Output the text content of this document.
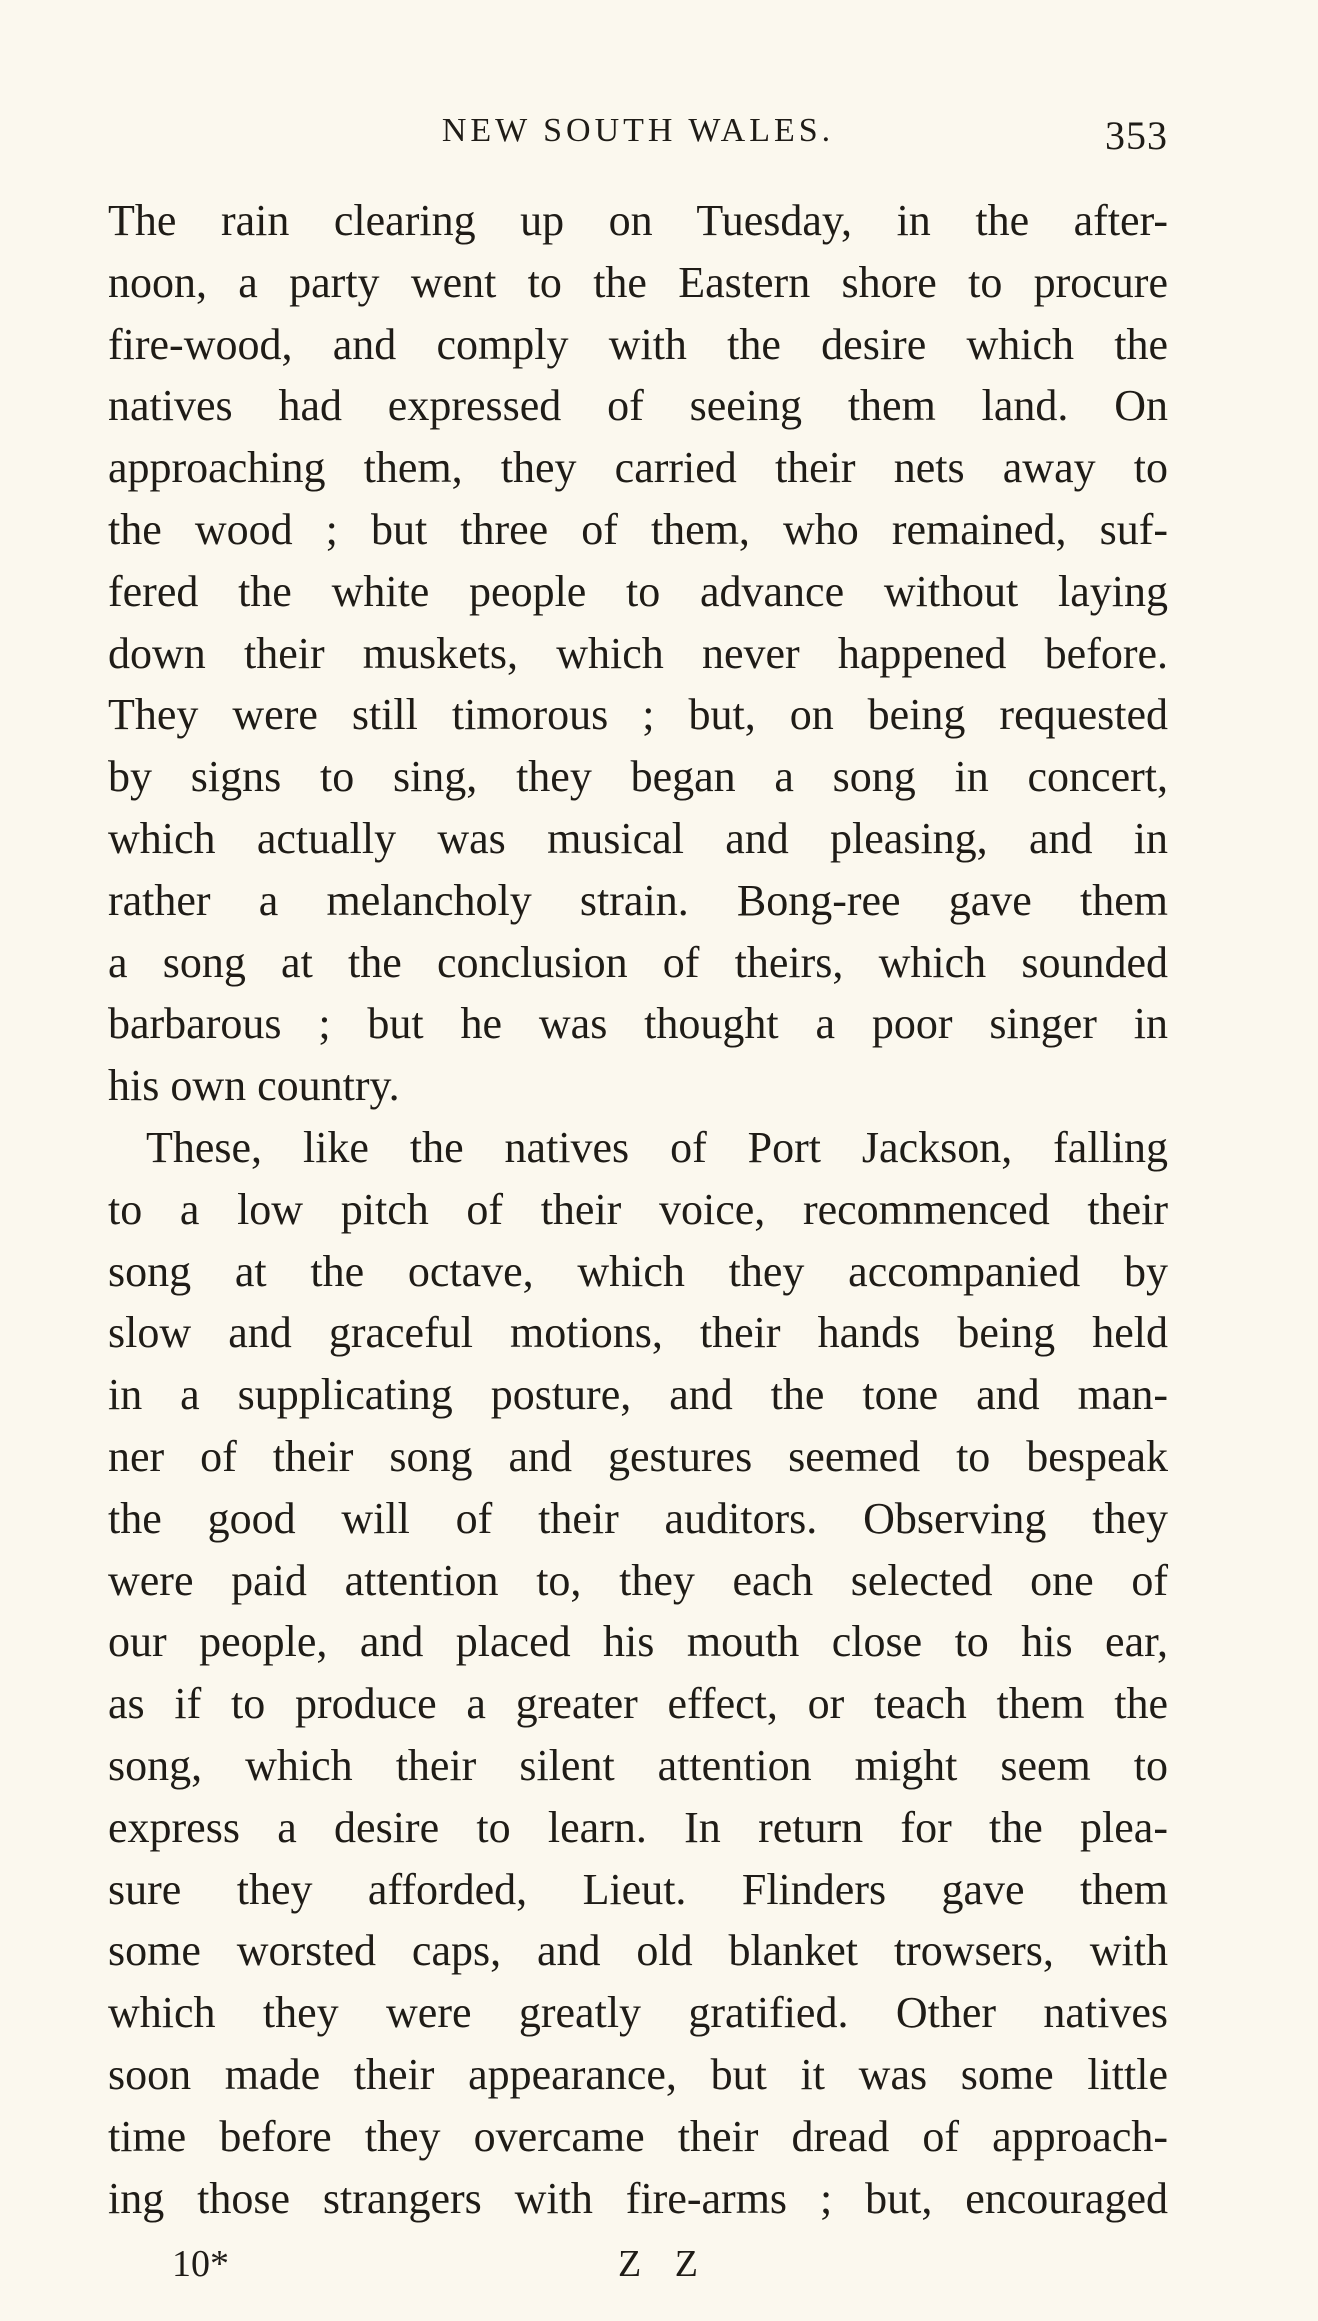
NEW SOUTH WALES.	353
The rain clearing up on Tuesday, in the after-
noon, a party went to the Eastern shore to procure
fire-wood, and comply with the desire which the
natives had expressed of seeing them land. On
approaching them, they carried their nets away to
the wood ; but three of them, who remained, suf-
fered the white people to advance without laying
down their muskets, which never happened before.
They were still timorous ; but, on being requested
by signs to sing, they began a song in concert,
which actually was musical and pleasing, and in
rather a melancholy strain. Bong-ree gave them
a song at the conclusion of theirs, which sounded
barbarous ; but he was thought a poor singer in
his own country.
These, like the natives of Port Jackson, falling
to a low pitch of their voice, recommenced their
song at the octave, which they accompanied by
slow and graceful motions, their hands being held
in a supplicating posture, and the tone and man-
ner of their song and gestures seemed to bespeak
the good will of their auditors. Observing they
were paid attention to, they each selected one of
our people, and placed his mouth close to his ear,
as if to produce a greater effect, or teach them the
song, which their silent attention might seem to
express a desire to learn. In return for the plea-
sure they afforded, Lieut. Flinders gave them
some worsted caps, and old blanket trowsers, with
which they were greatly gratified. Other natives
soon made their appearance, but it was some little
time before they overcame their dread of approach-
ing those strangers with fire-arms ; but, encouraged
10*	Z Z
